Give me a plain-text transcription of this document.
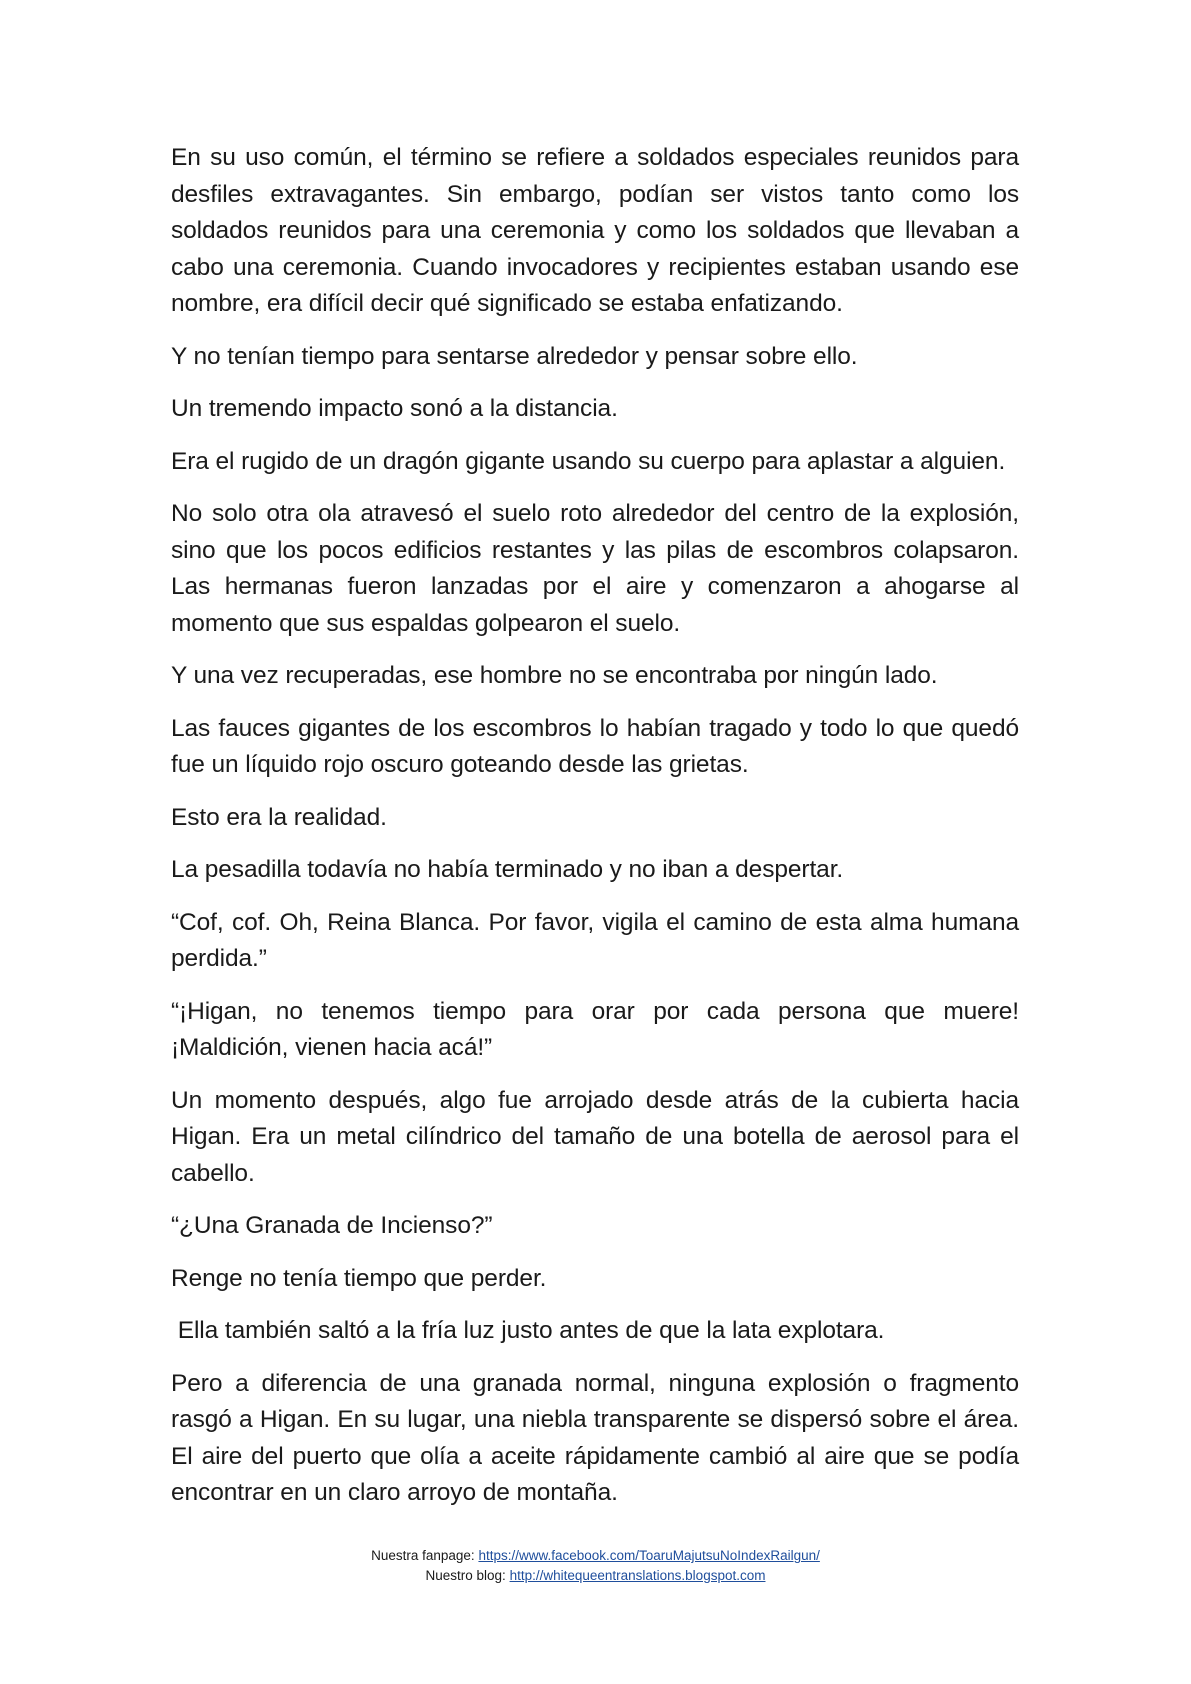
En su uso común, el término se refiere a soldados especiales reunidos para desfiles extravagantes. Sin embargo, podían ser vistos tanto como los soldados reunidos para una ceremonia y como los soldados que llevaban a cabo una ceremonia. Cuando invocadores y recipientes estaban usando ese nombre, era difícil decir qué significado se estaba enfatizando.

Y no tenían tiempo para sentarse alrededor y pensar sobre ello.

Un tremendo impacto sonó a la distancia.

Era el rugido de un dragón gigante usando su cuerpo para aplastar a alguien.

No solo otra ola atravesó el suelo roto alrededor del centro de la explosión, sino que los pocos edificios restantes y las pilas de escombros colapsaron. Las hermanas fueron lanzadas por el aire y comenzaron a ahogarse al momento que sus espaldas golpearon el suelo.

Y una vez recuperadas, ese hombre no se encontraba por ningún lado.

Las fauces gigantes de los escombros lo habían tragado y todo lo que quedó fue un líquido rojo oscuro goteando desde las grietas.

Esto era la realidad.

La pesadilla todavía no había terminado y no iban a despertar.

“Cof, cof. Oh, Reina Blanca. Por favor, vigila el camino de esta alma humana perdida.”

“¡Higan, no tenemos tiempo para orar por cada persona que muere! ¡Maldición, vienen hacia acá!”

Un momento después, algo fue arrojado desde atrás de la cubierta hacia Higan. Era un metal cilíndrico del tamaño de una botella de aerosol para el cabello.

“¿Una Granada de Incienso?”

Renge no tenía tiempo que perder.

Ella también saltó a la fría luz justo antes de que la lata explotara.

Pero a diferencia de una granada normal, ninguna explosión o fragmento rasgó a Higan. En su lugar, una niebla transparente se dispersó sobre el área. El aire del puerto que olía a aceite rápidamente cambió al aire que se podía encontrar en un claro arroyo de montaña.

Nuestra fanpage: https://www.facebook.com/ToaruMajutsuNoIndexRailgun/
Nuestro blog: http://whitequeentranslations.blogspot.com
